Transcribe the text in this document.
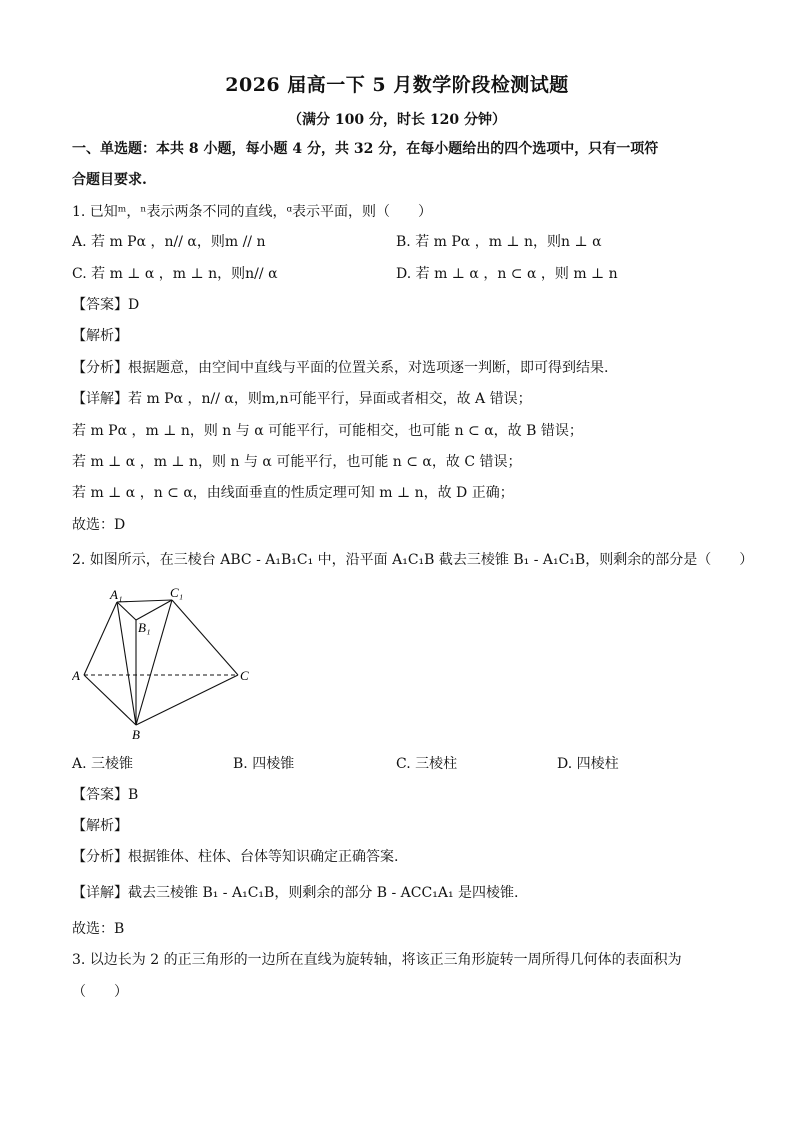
2026 届高一下 5 月数学阶段检测试题
（满分 100 分，时长 120 分钟）
一、单选题：本共 8 小题，每小题 4 分，共 32 分，在每小题给出的四个选项中，只有一项符
合题目要求.
1. 已知ᵐ，ⁿ表示两条不同的直线，ᵅ表示平面，则（　　）
A. 若 m Pα ，n// α，则m // n	B. 若 m Pα ，m ⊥ n，则n ⊥ α
C. 若 m ⊥ α ，m ⊥ n，则n// α	D. 若 m ⊥ α ，n ⊂ α ，则 m ⊥ n
【答案】D
【解析】
【分析】根据题意，由空间中直线与平面的位置关系，对选项逐一判断，即可得到结果.
【详解】若 m Pα ，n// α，则m,n可能平行，异面或者相交，故 A 错误；
若 m Pα ，m ⊥ n，则 n 与 α 可能平行，可能相交，也可能 n ⊂ α，故 B 错误；
若 m ⊥ α ，m ⊥ n，则 n 与 α 可能平行，也可能 n ⊂ α，故 C 错误；
若 m ⊥ α ，n ⊂ α，由线面垂直的性质定理可知 m ⊥ n，故 D 正确；
故选：D
2. 如图所示，在三棱台 ABC - A₁B₁C₁ 中，沿平面 A₁C₁B 截去三棱锥 B₁ - A₁C₁B，则剩余的部分是（　　）
A₁	C₁
B₁
A	C
B
A. 三棱锥	B. 四棱锥	C. 三棱柱	D. 四棱柱
【答案】B
【解析】
【分析】根据锥体、柱体、台体等知识确定正确答案.
【详解】截去三棱锥 B₁ - A₁C₁B，则剩余的部分 B - ACC₁A₁ 是四棱锥.
故选：B
3. 以边长为 2 的正三角形的一边所在直线为旋转轴，将该正三角形旋转一周所得几何体的表面积为
（　　）
